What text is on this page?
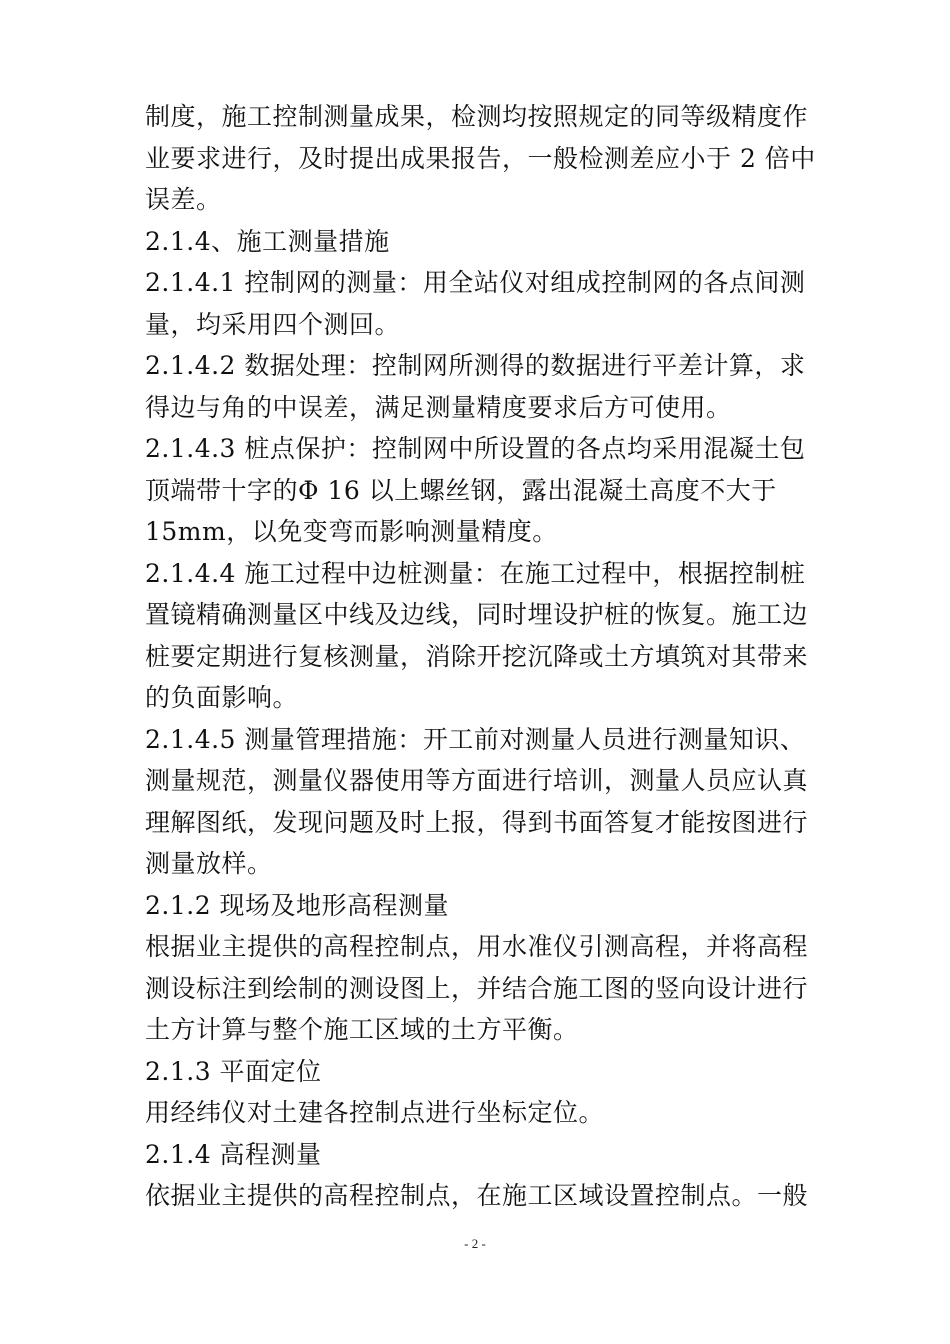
制度，施工控制测量成果，检测均按照规定的同等级精度作
业要求进行，及时提出成果报告，一般检测差应小于 2 倍中
误差。
2.1.4、施工测量措施
2.1.4.1 控制网的测量：用全站仪对组成控制网的各点间测
量，均采用四个测回。
2.1.4.2 数据处理：控制网所测得的数据进行平差计算，求
得边与角的中误差，满足测量精度要求后方可使用。
2.1.4.3 桩点保护：控制网中所设置的各点均采用混凝土包
顶端带十字的Φ 16 以上螺丝钢，露出混凝土高度不大于
15mm，以免变弯而影响测量精度。
2.1.4.4 施工过程中边桩测量：在施工过程中，根据控制桩
置镜精确测量区中线及边线，同时埋设护桩的恢复。施工边
桩要定期进行复核测量，消除开挖沉降或土方填筑对其带来
的负面影响。
2.1.4.5 测量管理措施：开工前对测量人员进行测量知识、
测量规范，测量仪器使用等方面进行培训，测量人员应认真
理解图纸，发现问题及时上报，得到书面答复才能按图进行
测量放样。
2.1.2 现场及地形高程测量
根据业主提供的高程控制点，用水准仪引测高程，并将高程
测设标注到绘制的测设图上，并结合施工图的竖向设计进行
土方计算与整个施工区域的土方平衡。
2.1.3 平面定位
用经纬仪对土建各控制点进行坐标定位。
2.1.4 高程测量
依据业主提供的高程控制点，在施工区域设置控制点。一般
- 2 -
